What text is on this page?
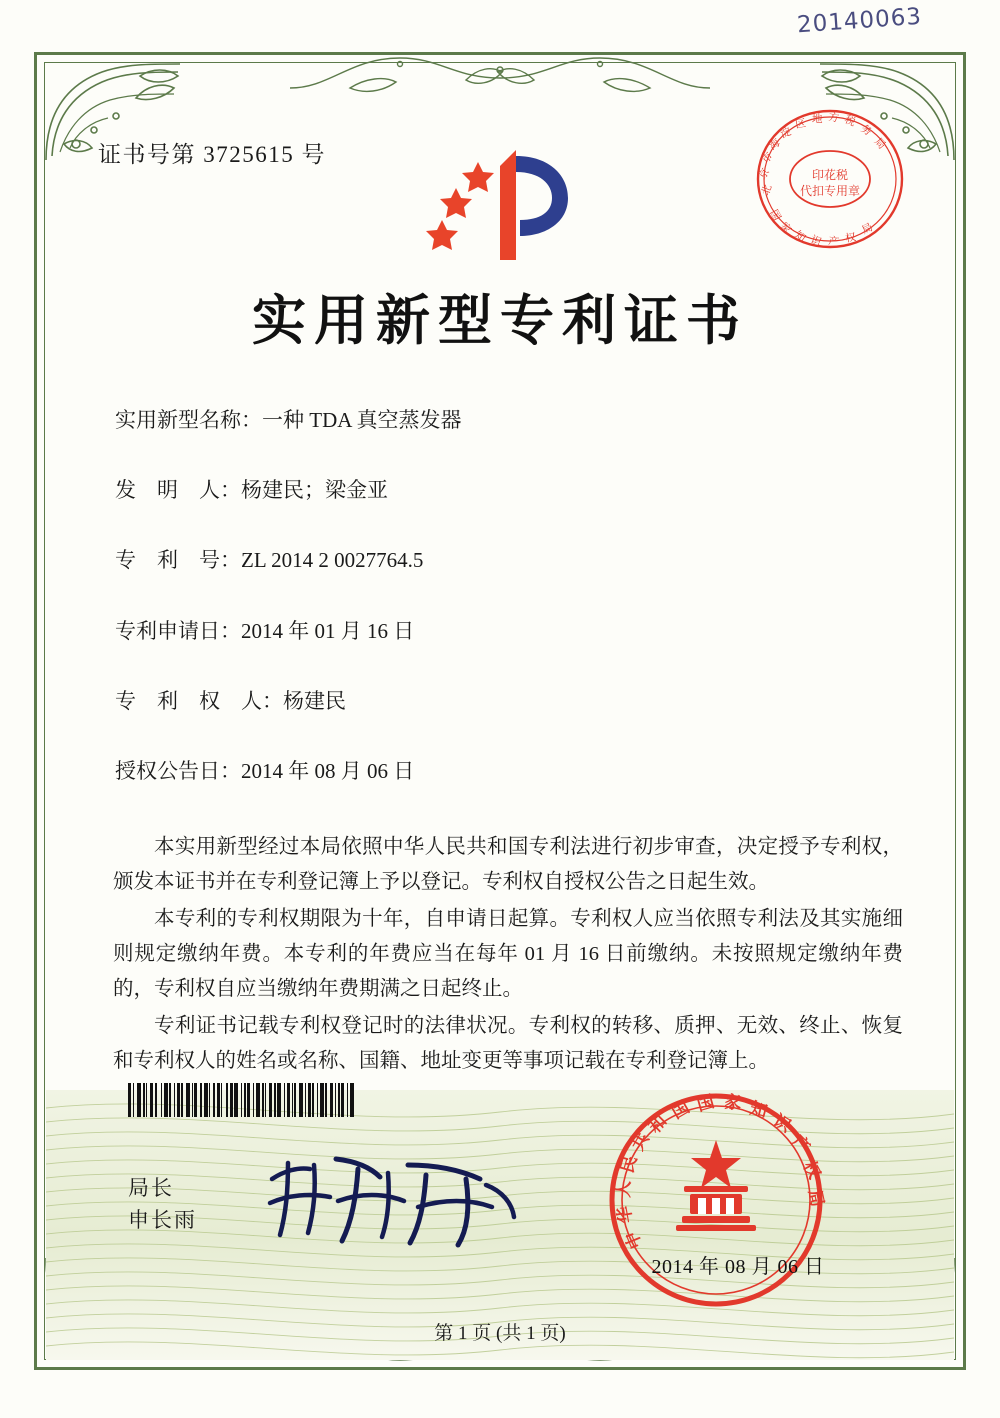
20140063
证书号第 3725615 号
印花税
代扣专用章
北
京
市
海
淀
区 地 方 税
务
局
国
家
知 识 产 权
局
实用新型专利证书
实用新型名称：一种 TDA 真空蒸发器
发　明　人：杨建民；梁金亚
专　利　号：ZL 2014 2 0027764.5
专利申请日：2014 年 01 月 16 日
专　利　权　人：杨建民
授权公告日：2014 年 08 月 06 日

本实用新型经过本局依照中华人民共和国专利法进行初步审查，决定授予专利权，颁发本证书并在专利登记簿上予以登记。专利权自授权公告之日起生效。

本专利的专利权期限为十年，自申请日起算。专利权人应当依照专利法及其实施细则规定缴纳年费。本专利的年费应当在每年 01 月 16 日前缴纳。未按照规定缴纳年费的，专利权自应当缴纳年费期满之日起终止。

专利证书记载专利权登记时的法律状况。专利权的转移、质押、无效、终止、恢复和专利权人的姓名或名称、国籍、地址变更等事项记载在专利登记簿上。

局长
申长雨
中
华
人
民
共
和
国 国 家 知
识
产
权
局
2014 年 08 月 06 日
第 1 页 (共 1 页)
